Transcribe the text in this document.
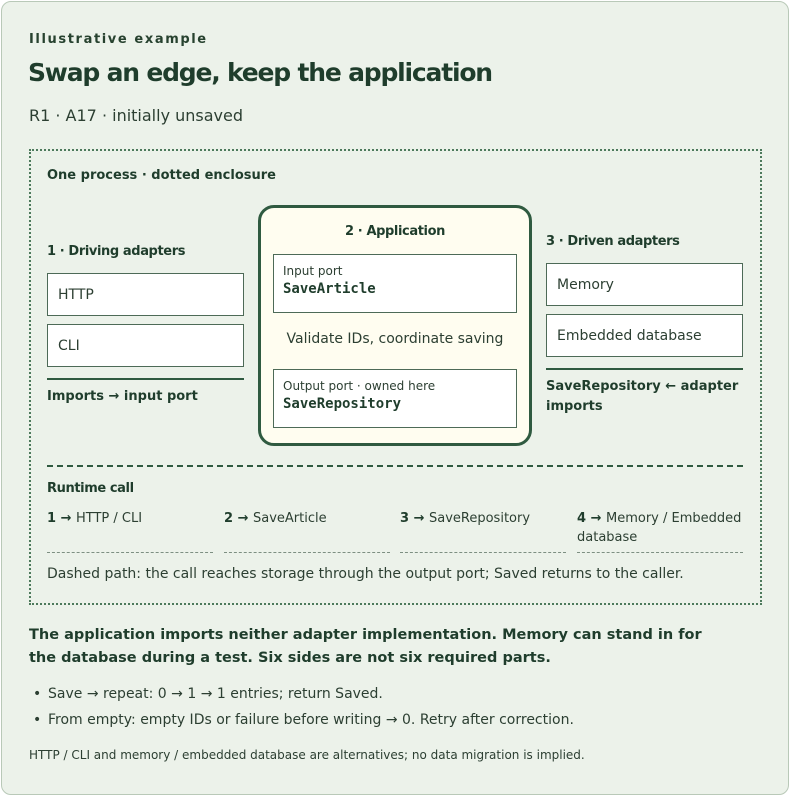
Illustrative example
Swap an edge, keep the application
R1 · A17 · initially unsaved
One process · dotted enclosure
1 · Driving adapters
HTTP
CLI
Imports → input port
2 · Application
Input port
SaveArticle
Validate IDs, coordinate saving
Output port · owned here
SaveRepository
3 · Driven adapters
Memory
Embedded database
SaveRepository ← adapter imports
Runtime call
1 → HTTP / CLI	2 → SaveArticle	3 → SaveRepository	4 → Memory / Embedded database
Dashed path: the call reaches storage through the output port; Saved returns to the caller.
The application imports neither adapter implementation. Memory can stand in for the database during a test. Six sides are not six required parts.
• Save → repeat: 0 → 1 → 1 entries; return Saved.
• From empty: empty IDs or failure before writing → 0. Retry after correction.
HTTP / CLI and memory / embedded database are alternatives; no data migration is implied.
